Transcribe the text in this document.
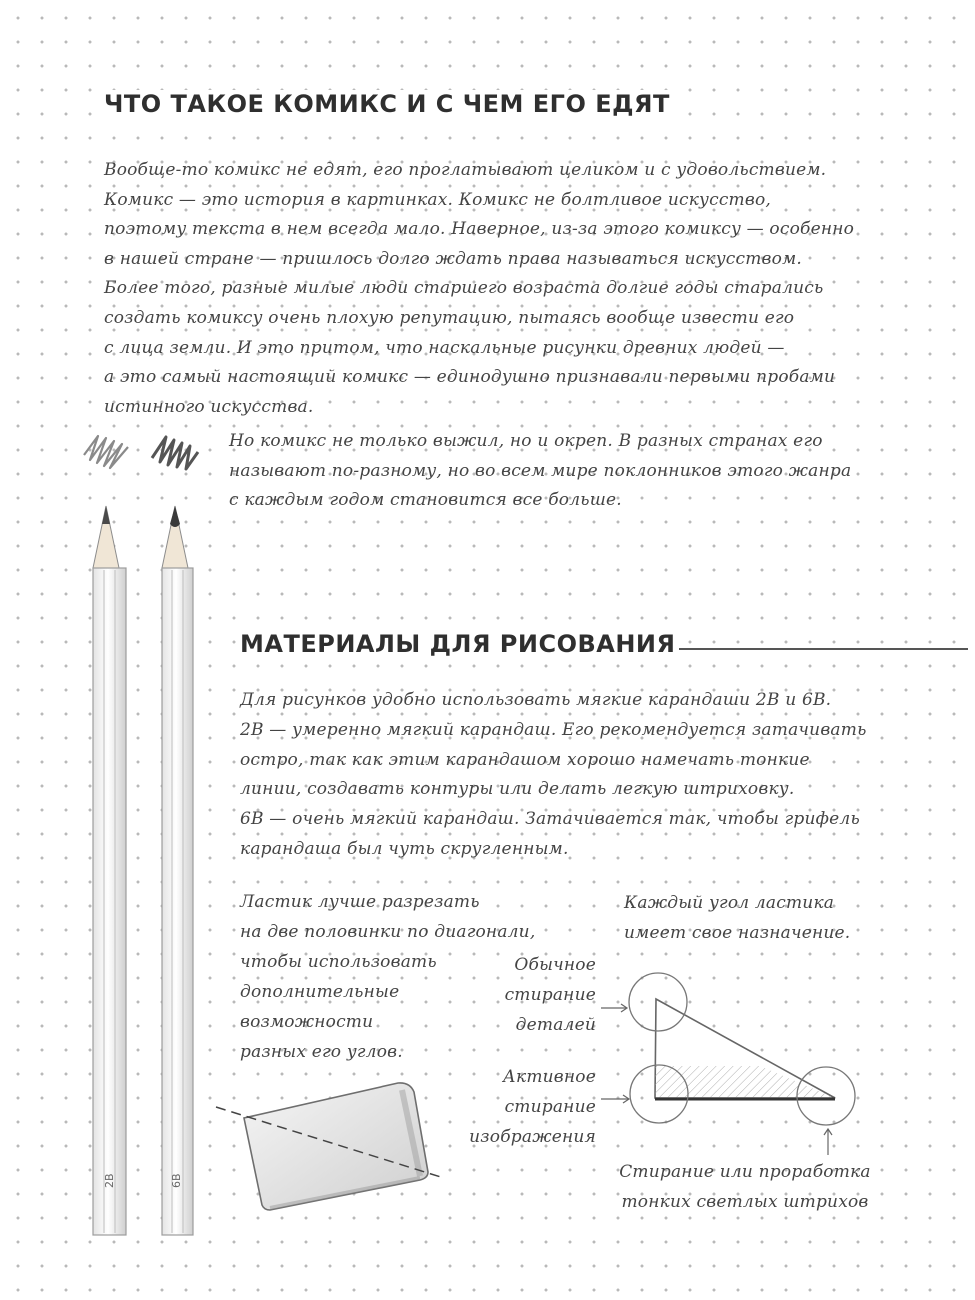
ЧТО ТАКОЕ КОМИКС И С ЧЕМ ЕГО ЕДЯТ
Вообще-то комикс не едят, его проглатывают целиком и с удовольствием.
Комикс — это история в картинках. Комикс не болтливое искусство,
поэтому текста в нем всегда мало. Наверное, из-за этого комиксу — особенно
в нашей стране — пришлось долго ждать права называться искусством.
Более того, разные милые люди старшего возраста долгие годы старались
создать комиксу очень плохую репутацию, пытаясь вообще извести его
с лица земли. И это притом, что наскальные рисунки древних людей —
а это самый настоящий комикс — единодушно признавали первыми пробами
истинного искусства.
Но комикс не только выжил, но и окреп. В разных странах его
называют по-разному, но во всем мире поклонников этого жанра
с каждым годом становится все больше.
МАТЕРИАЛЫ ДЛЯ РИСОВАНИЯ
Для рисунков удобно использовать мягкие карандаши 2B и 6B.
2B — умеренно мягкий карандаш. Его рекомендуется затачивать
остро, так как этим карандашом хорошо намечать тонкие
линии, создавать контуры или делать легкую штриховку.
6B — очень мягкий карандаш. Затачивается так, чтобы грифель
карандаша был чуть скругленным.
Ластик лучше разрезать
на две половинки по диагонали,
чтобы использовать
дополнительные
возможности
разных его углов.
Каждый угол ластика
имеет свое назначение.
Обычное
стирание
деталей
Активное
стирание
изображения
Стирание или проработка
тонких светлых штрихов
2B	6B
